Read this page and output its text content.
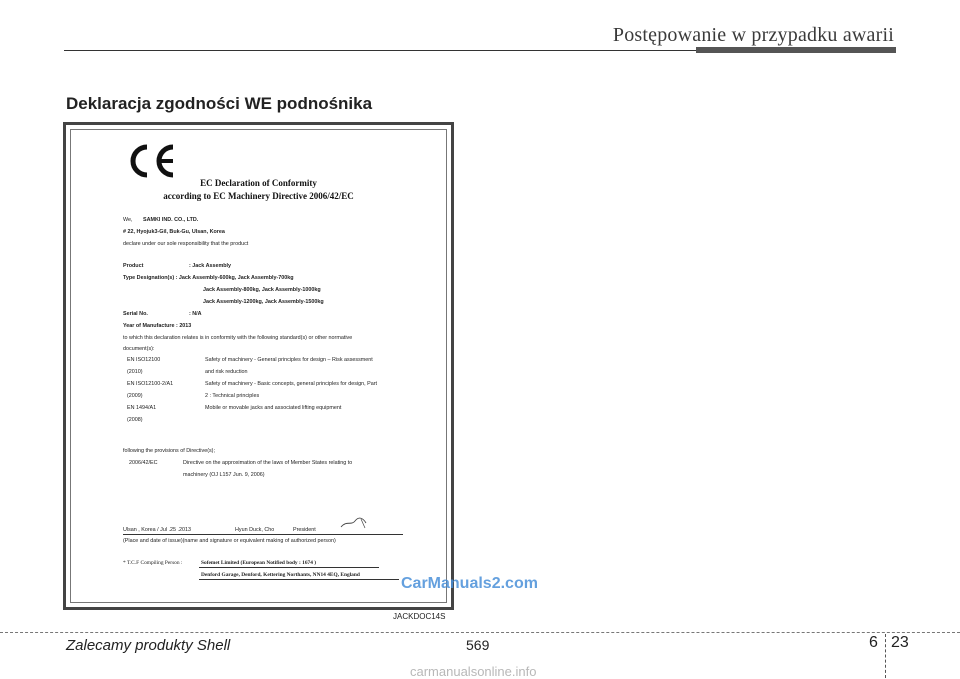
Postępowanie w przypadku awarii
Deklaracja zgodności WE podnośnika
EC Declaration of Conformity
according to EC Machinery Directive 2006/42/EC
We, SAMKI IND. CO., LTD.
# 22, Hyojuk3-Gil, Buk-Gu, Ulsan, Korea
declare under our sole responsibility that the product
Product	: Jack Assembly
Type Designation(s) : Jack Assembly-600kg, Jack Assembly-700kg
Jack Assembly-800kg, Jack Assembly-1000kg
Jack Assembly-1200kg, Jack Assembly-1500kg
Serial No.	: N/A
Year of Manufacture : 2013
to which this declaration relates is in conformity with the following standard(s) or other normative
document(s):
EN ISO12100	Safety of machinery - General principles for design – Risk assessment
(2010)	and risk reduction
EN ISO12100-2/A1	Safety of machinery - Basic concepts, general principles for design, Part
(2009)	2 : Technical principles
EN 1494/A1	Mobile or movable jacks and associated lifting equipment
(2008)
following the provisions of Directive(s);
2006/42/EC	Directive on the approximation of the laws of Member States relating to
machinery (OJ L157 Jun. 9, 2006)
Ulsan , Korea / Jul .25 .2013	Hyun Duck, Cho	President
(Place and date of issue)(name and signature or equivalent making of authorized person)
* T.C.F Compiling Person :	Sofemet Limited (European Notified body : 1674 )
Denford Garage, Denford, Kettering Northants, NN14 4EQ, England	CarManuals2.com
JACKDOC14S
Zalecamy produkty Shell	569	6 23
carmanualsonline.info
